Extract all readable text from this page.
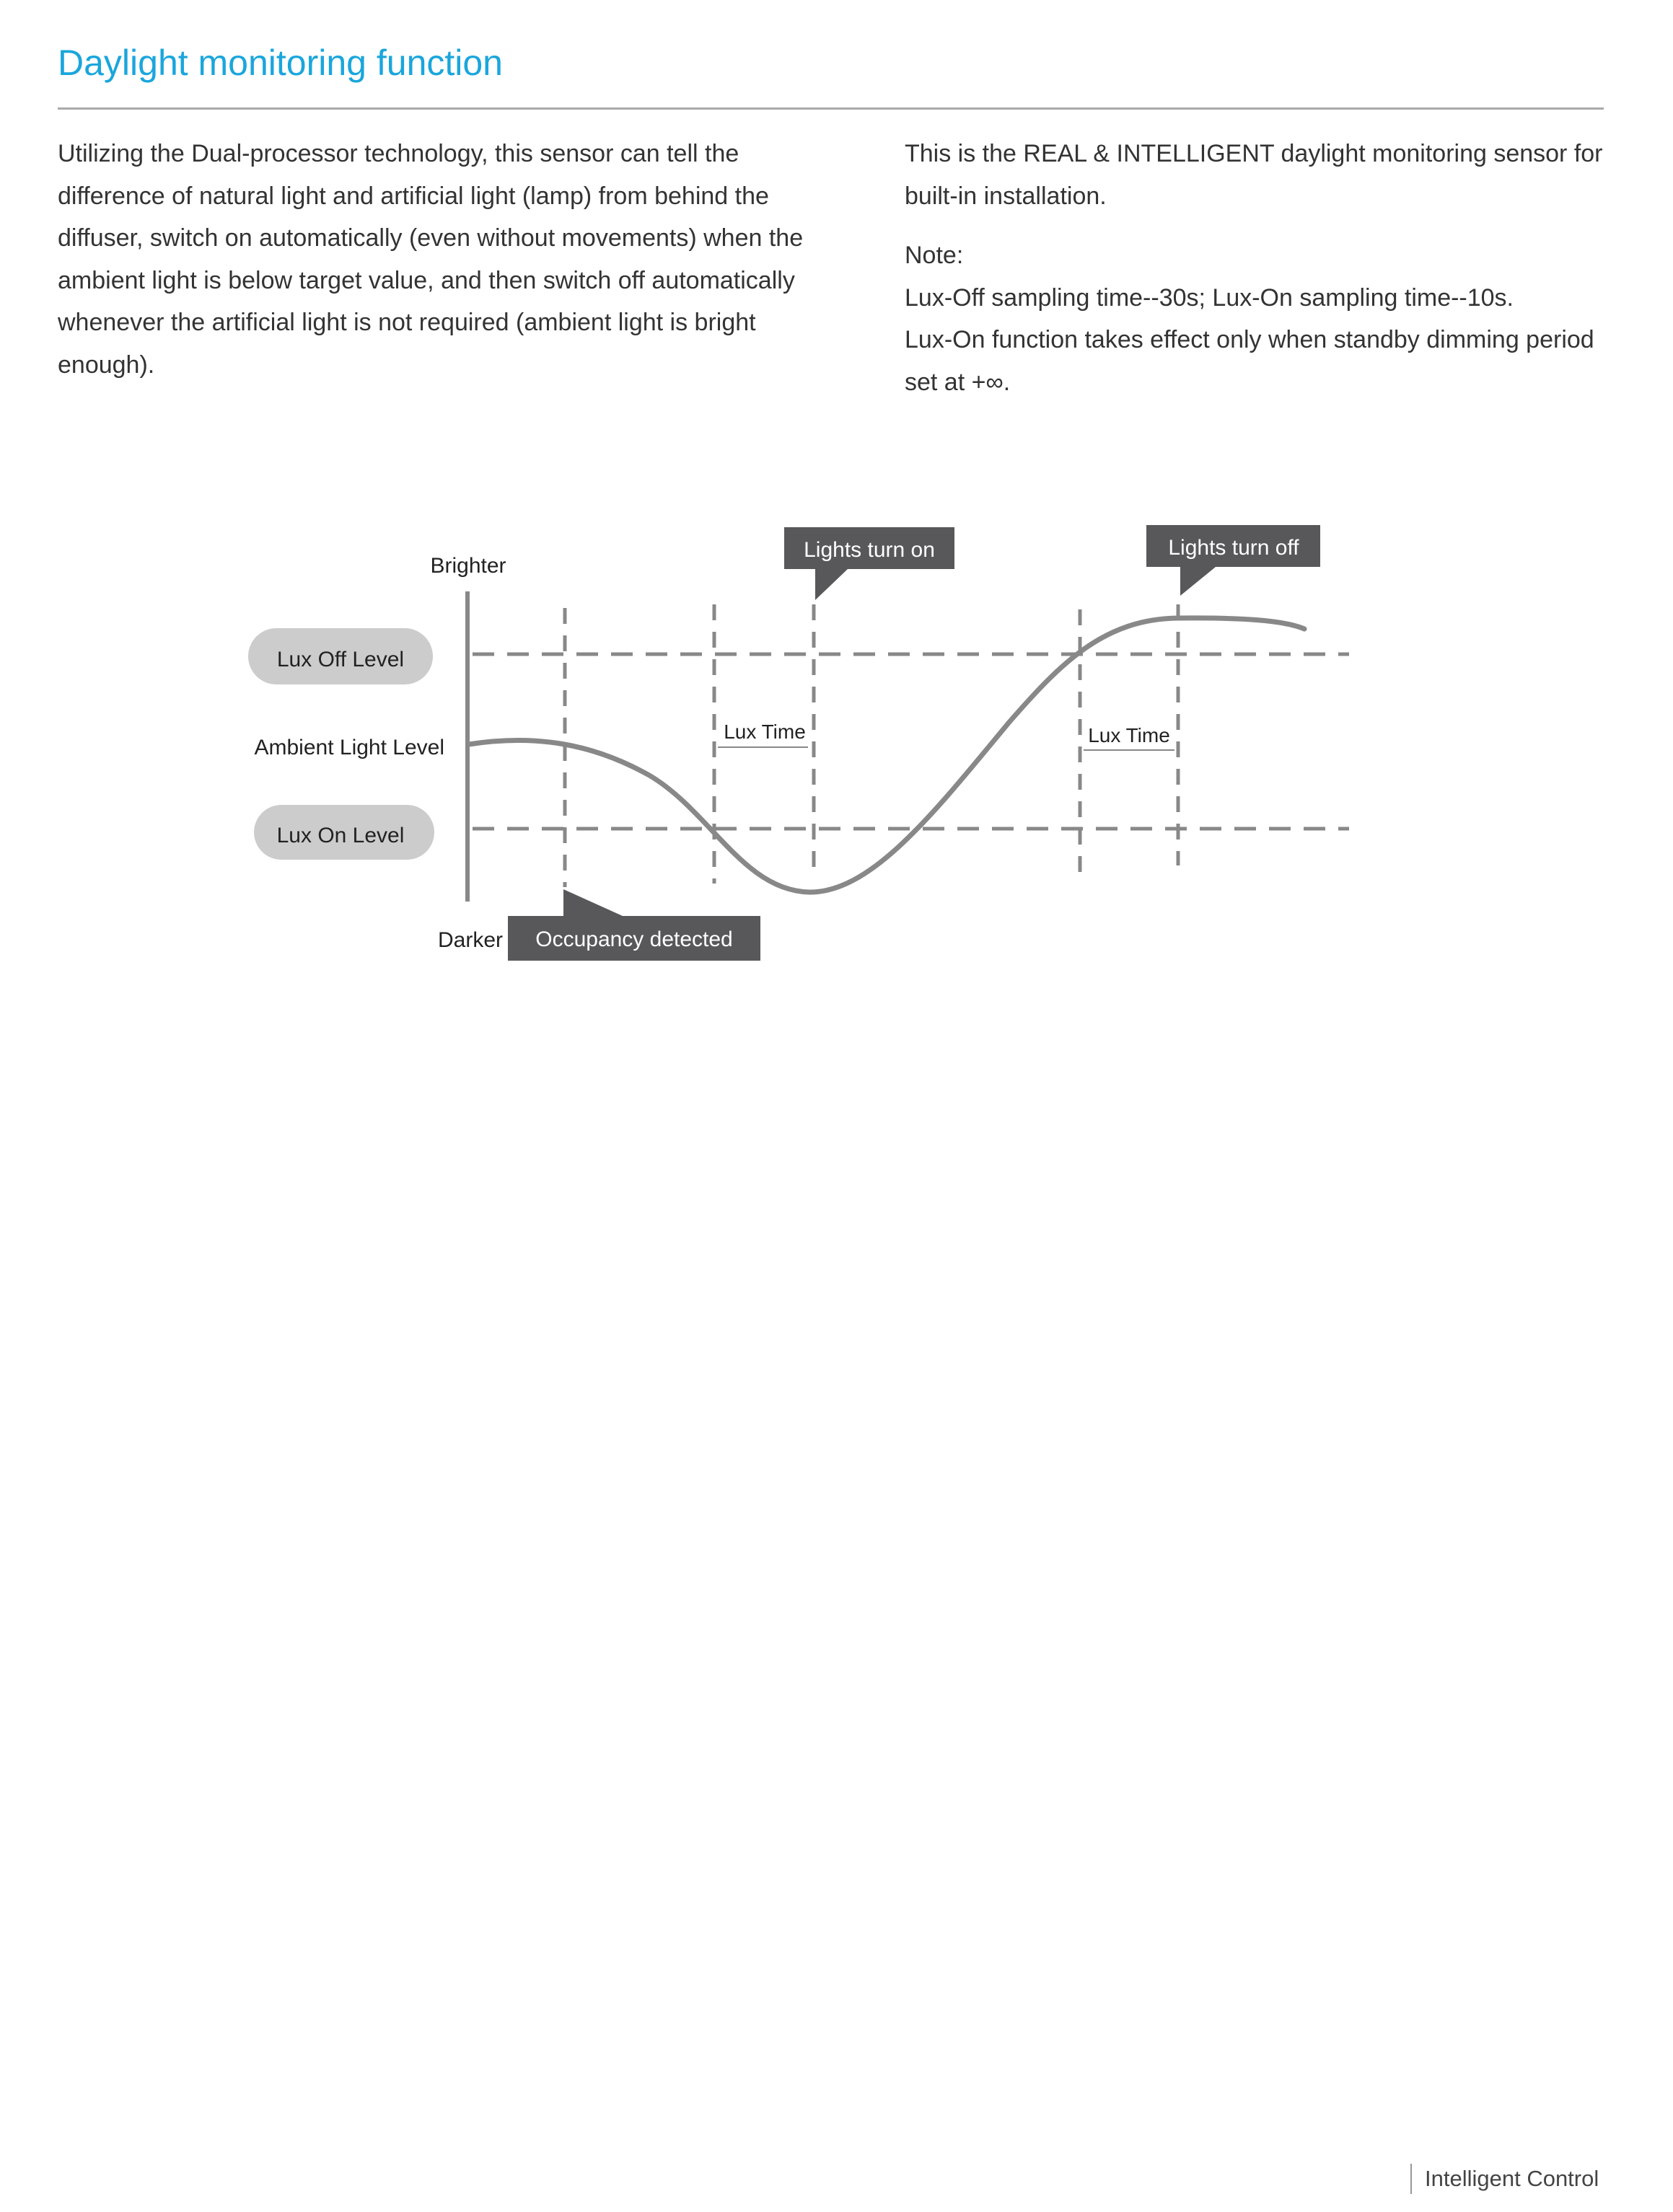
Daylight monitoring function

Utilizing the Dual-processor technology, this sensor can tell the difference of natural light and artificial light (lamp) from behind the diffuser, switch on automatically (even without movements) when the ambient light is below target value, and then switch off automatically whenever the artificial light is not required (ambient light is bright enough).

This is the REAL & INTELLIGENT daylight monitoring sensor for built-in installation.

Note:

Lux-Off sampling time--30s; Lux-On sampling time--10s.

Lux-On function takes effect only when standby dimming period set at +∞.

Brighter
Darker
Lux Off Level
Ambient Light Level
Lux On Level
Lux Time	Lux Time
Lights turn on	Lights turn off
Occupancy detected
Intelligent Control
